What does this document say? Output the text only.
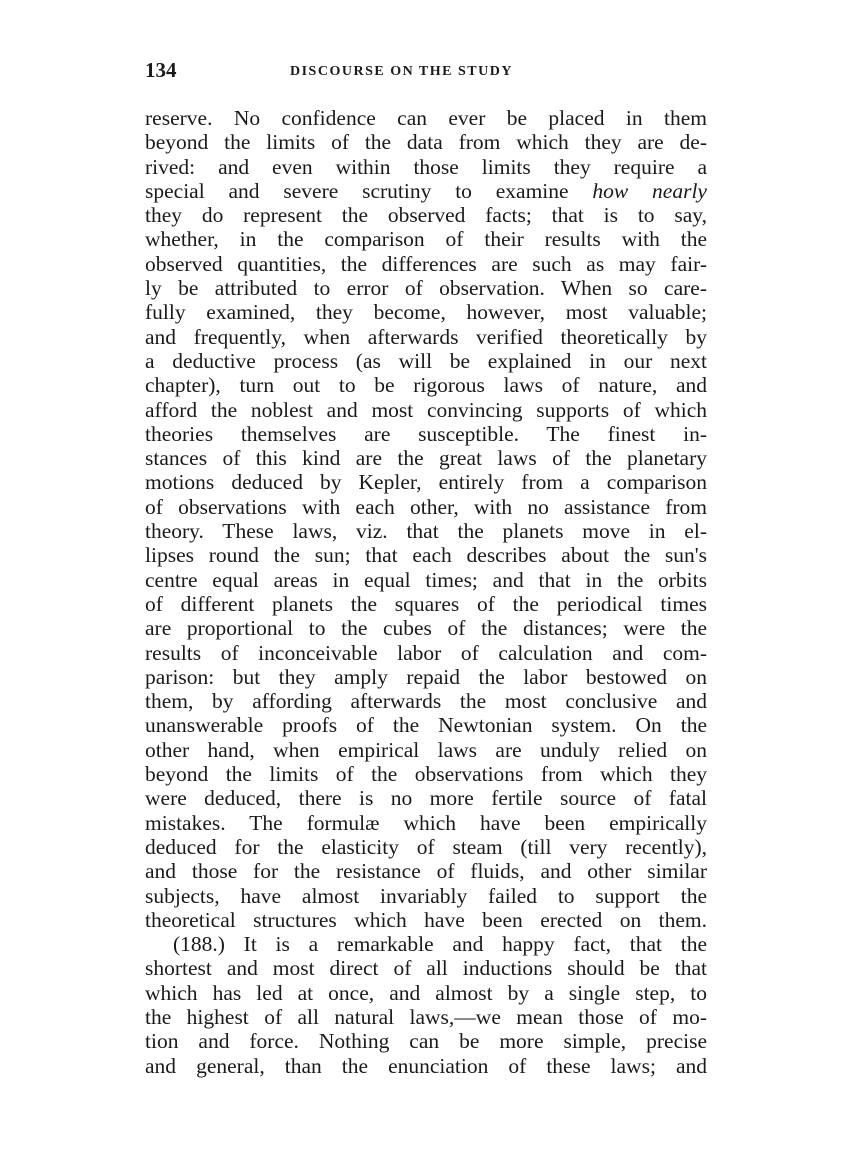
134	DISCOURSE ON THE STUDY
reserve. No confidence can ever be placed in them
beyond the limits of the data from which they are de-
rived: and even within those limits they require a
special and severe scrutiny to examine how nearly
they do represent the observed facts; that is to say,
whether, in the comparison of their results with the
observed quantities, the differences are such as may fair-
ly be attributed to error of observation. When so care-
fully examined, they become, however, most valuable;
and frequently, when afterwards verified theoretically by
a deductive process (as will be explained in our next
chapter), turn out to be rigorous laws of nature, and
afford the noblest and most convincing supports of which
theories themselves are susceptible. The finest in-
stances of this kind are the great laws of the planetary
motions deduced by Kepler, entirely from a comparison
of observations with each other, with no assistance from
theory. These laws, viz. that the planets move in el-
lipses round the sun; that each describes about the sun's
centre equal areas in equal times; and that in the orbits
of different planets the squares of the periodical times
are proportional to the cubes of the distances; were the
results of inconceivable labor of calculation and com-
parison: but they amply repaid the labor bestowed on
them, by affording afterwards the most conclusive and
unanswerable proofs of the Newtonian system. On the
other hand, when empirical laws are unduly relied on
beyond the limits of the observations from which they
were deduced, there is no more fertile source of fatal
mistakes. The formulæ which have been empirically
deduced for the elasticity of steam (till very recently),
and those for the resistance of fluids, and other similar
subjects, have almost invariably failed to support the
theoretical structures which have been erected on them.
(188.) It is a remarkable and happy fact, that the
shortest and most direct of all inductions should be that
which has led at once, and almost by a single step, to
the highest of all natural laws,—we mean those of mo-
tion and force. Nothing can be more simple, precise
and general, than the enunciation of these laws; and
